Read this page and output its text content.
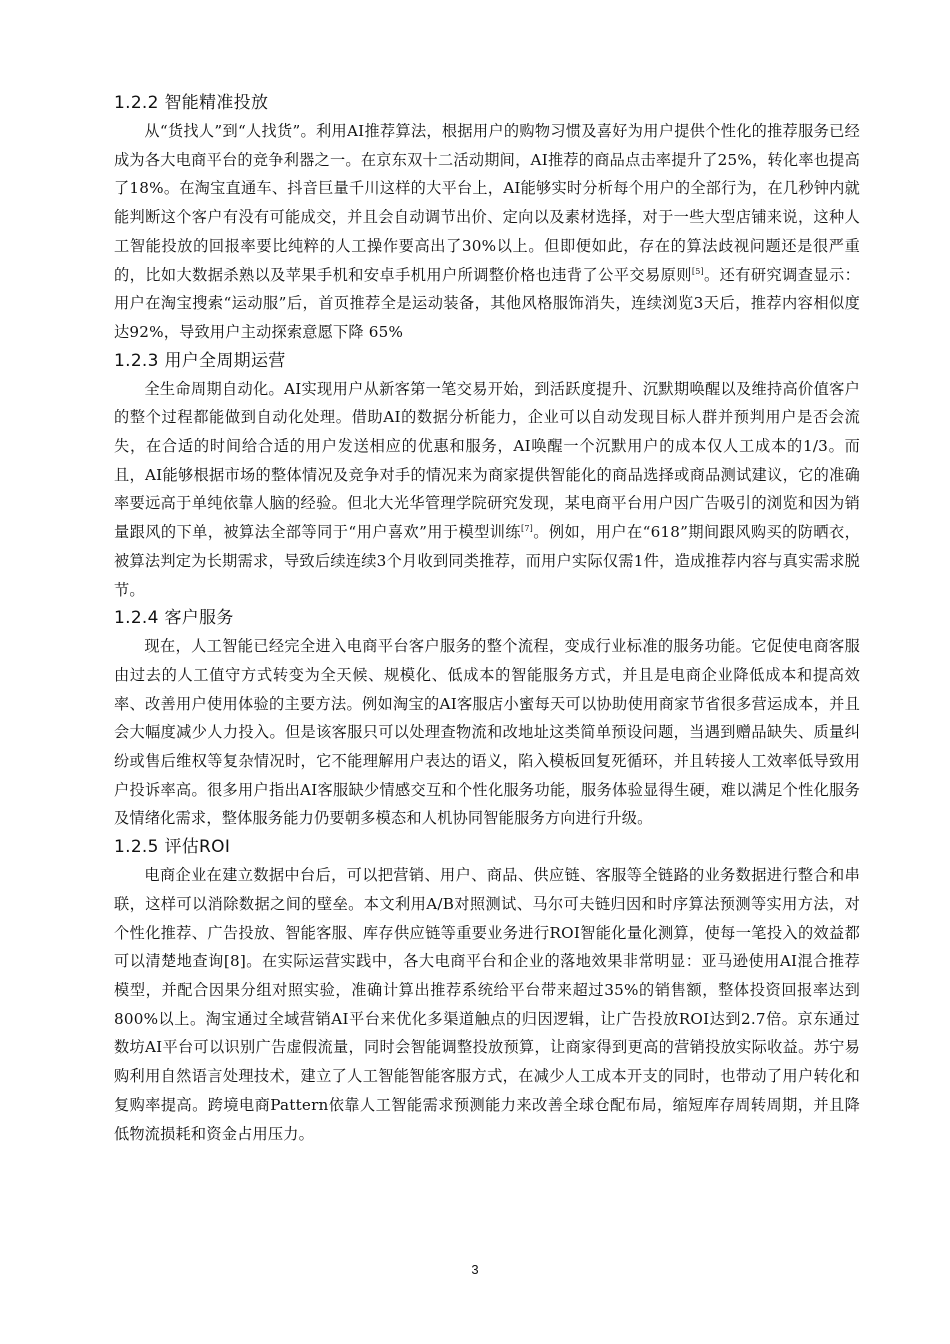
1.2.2 智能精准投放

从“货找人”到“人找货”。利用AI推荐算法，根据用户的购物习惯及喜好为用户提供个性化的推荐服务已经成为各大电商平台的竞争利器之一。在京东双十二活动期间，AI推荐的商品点击率提升了25%，转化率也提高了18%。在淘宝直通车、抖音巨量千川这样的大平台上，AI能够实时分析每个用户的全部行为，在几秒钟内就能判断这个客户有没有可能成交，并且会自动调节出价、定向以及素材选择，对于一些大型店铺来说，这种人工智能投放的回报率要比纯粹的人工操作要高出了30%以上。但即便如此，存在的算法歧视问题还是很严重的，比如大数据杀熟以及苹果手机和安卓手机用户所调整价格也违背了公平交易原则[5]。还有研究调查显示：用户在淘宝搜索“运动服”后，首页推荐全是运动装备，其他风格服饰消失，连续浏览3天后，推荐内容相似度达92%，导致用户主动探索意愿下降 65%

1.2.3 用户全周期运营

全生命周期自动化。AI实现用户从新客第一笔交易开始，到活跃度提升、沉默期唤醒以及维持高价值客户的整个过程都能做到自动化处理。借助AI的数据分析能力，企业可以自动发现目标人群并预判用户是否会流失，在合适的时间给合适的用户发送相应的优惠和服务，AI唤醒一个沉默用户的成本仅人工成本的1/3。而且，AI能够根据市场的整体情况及竞争对手的情况来为商家提供智能化的商品选择或商品测试建议，它的准确率要远高于单纯依靠人脑的经验。但北大光华管理学院研究发现，某电商平台用户因广告吸引的浏览和因为销量跟风的下单，被算法全部等同于“用户喜欢”用于模型训练[7]。例如，用户在“618”期间跟风购买的防晒衣，被算法判定为长期需求，导致后续连续3个月收到同类推荐，而用户实际仅需1件，造成推荐内容与真实需求脱节。

1.2.4 客户服务

现在，人工智能已经完全进入电商平台客户服务的整个流程，变成行业标准的服务功能。它促使电商客服由过去的人工值守方式转变为全天候、规模化、低成本的智能服务方式，并且是电商企业降低成本和提高效率、改善用户使用体验的主要方法。例如淘宝的AI客服店小蜜每天可以协助使用商家节省很多营运成本，并且会大幅度减少人力投入。但是该客服只可以处理查物流和改地址这类简单预设问题，当遇到赠品缺失、质量纠纷或售后维权等复杂情况时，它不能理解用户表达的语义，陷入模板回复死循环，并且转接人工效率低导致用户投诉率高。很多用户指出AI客服缺少情感交互和个性化服务功能，服务体验显得生硬，难以满足个性化服务及情绪化需求，整体服务能力仍要朝多模态和人机协同智能服务方向进行升级。

1.2.5 评估ROI

电商企业在建立数据中台后，可以把营销、用户、商品、供应链、客服等全链路的业务数据进行整合和串联，这样可以消除数据之间的壁垒。本文利用A/B对照测试、马尔可夫链归因和时序算法预测等实用方法，对个性化推荐、广告投放、智能客服、库存供应链等重要业务进行ROI智能化量化测算，使每一笔投入的效益都可以清楚地查询[8]。在实际运营实践中，各大电商平台和企业的落地效果非常明显：亚马逊使用AI混合推荐模型，并配合因果分组对照实验，准确计算出推荐系统给平台带来超过35%的销售额，整体投资回报率达到800%以上。淘宝通过全域营销AI平台来优化多渠道触点的归因逻辑，让广告投放ROI达到2.7倍。京东通过数坊AI平台可以识别广告虚假流量，同时会智能调整投放预算，让商家得到更高的营销投放实际收益。苏宁易购利用自然语言处理技术，建立了人工智能智能客服方式，在减少人工成本开支的同时，也带动了用户转化和复购率提高。跨境电商Pattern依靠人工智能需求预测能力来改善全球仓配布局，缩短库存周转周期，并且降低物流损耗和资金占用压力。

3
